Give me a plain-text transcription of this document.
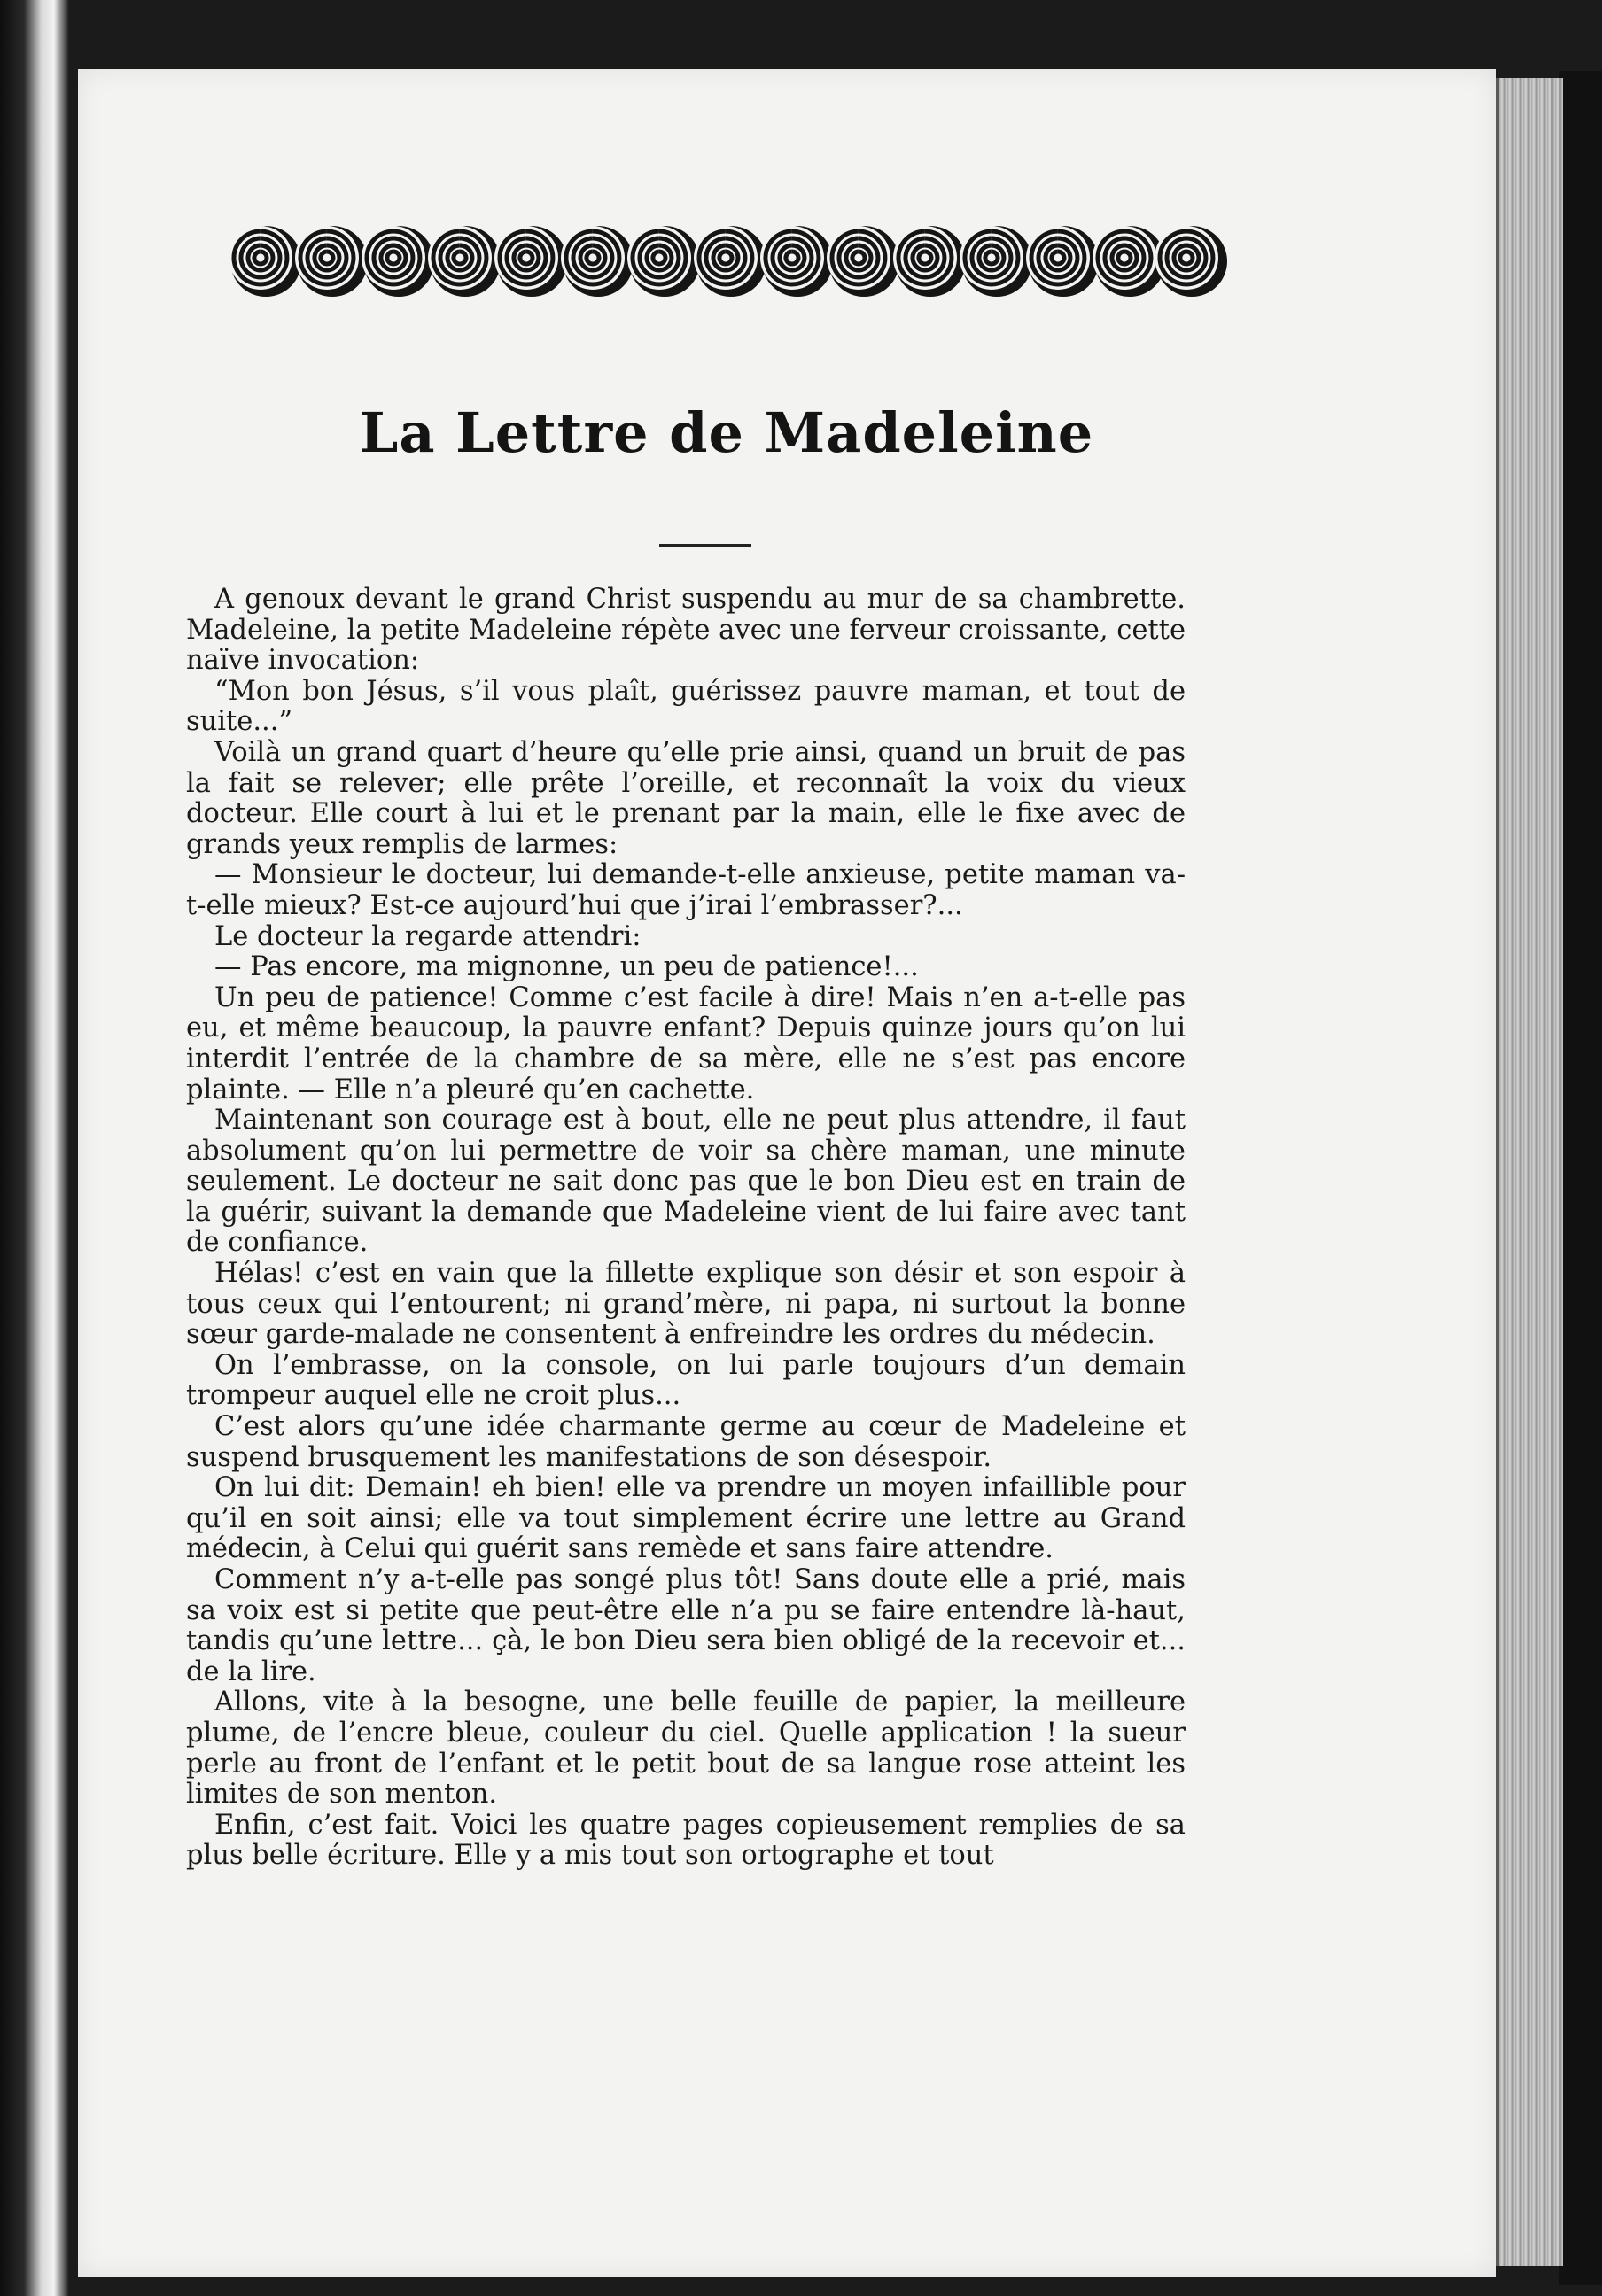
La Lettre de Madeleine

A genoux devant le grand Christ suspendu au mur de sa chambrette. Madeleine, la petite Madeleine répète avec une ferveur croissante, cette naïve invocation:

“Mon bon Jésus, s’il vous plaît, guérissez pauvre maman, et tout de suite...”

Voilà un grand quart d’heure qu’elle prie ainsi, quand un bruit de pas la fait se relever; elle prête l’oreille, et reconnaît la voix du vieux docteur. Elle court à lui et le prenant par la main, elle le fixe avec de grands yeux remplis de larmes:

— Monsieur le docteur, lui demande-t-elle anxieuse, petite maman va-t-elle mieux? Est-ce aujourd’hui que j’irai l’embrasser?...

Le docteur la regarde attendri:

— Pas encore, ma mignonne, un peu de patience!...

Un peu de patience! Comme c’est facile à dire! Mais n’en a-t-elle pas eu, et même beaucoup, la pauvre enfant? Depuis quinze jours qu’on lui interdit l’entrée de la chambre de sa mère, elle ne s’est pas encore plainte. — Elle n’a pleuré qu’en cachette.

Maintenant son courage est à bout, elle ne peut plus attendre, il faut absolument qu’on lui permettre de voir sa chère maman, une minute seulement. Le docteur ne sait donc pas que le bon Dieu est en train de la guérir, suivant la demande que Madeleine vient de lui faire avec tant de confiance.

Hélas! c’est en vain que la fillette explique son désir et son espoir à tous ceux qui l’entourent; ni grand’mère, ni papa, ni surtout la bonne sœur garde-malade ne consentent à enfreindre les ordres du médecin.

On l’embrasse, on la console, on lui parle toujours d’un demain trompeur auquel elle ne croit plus...

C’est alors qu’une idée charmante germe au cœur de Madeleine et suspend brusquement les manifestations de son désespoir.

On lui dit: Demain! eh bien! elle va prendre un moyen infaillible pour qu’il en soit ainsi; elle va tout simplement écrire une lettre au Grand médecin, à Celui qui guérit sans remède et sans faire attendre.

Comment n’y a-t-elle pas songé plus tôt! Sans doute elle a prié, mais sa voix est si petite que peut-être elle n’a pu se faire entendre là-haut, tandis qu’une lettre... çà, le bon Dieu sera bien obligé de la recevoir et... de la lire.

Allons, vite à la besogne, une belle feuille de papier, la meilleure plume, de l’encre bleue, couleur du ciel. Quelle application ! la sueur perle au front de l’enfant et le petit bout de sa langue rose atteint les limites de son menton.

Enfin, c’est fait. Voici les quatre pages copieusement remplies de sa plus belle écriture. Elle y a mis tout son ortographe et tout
